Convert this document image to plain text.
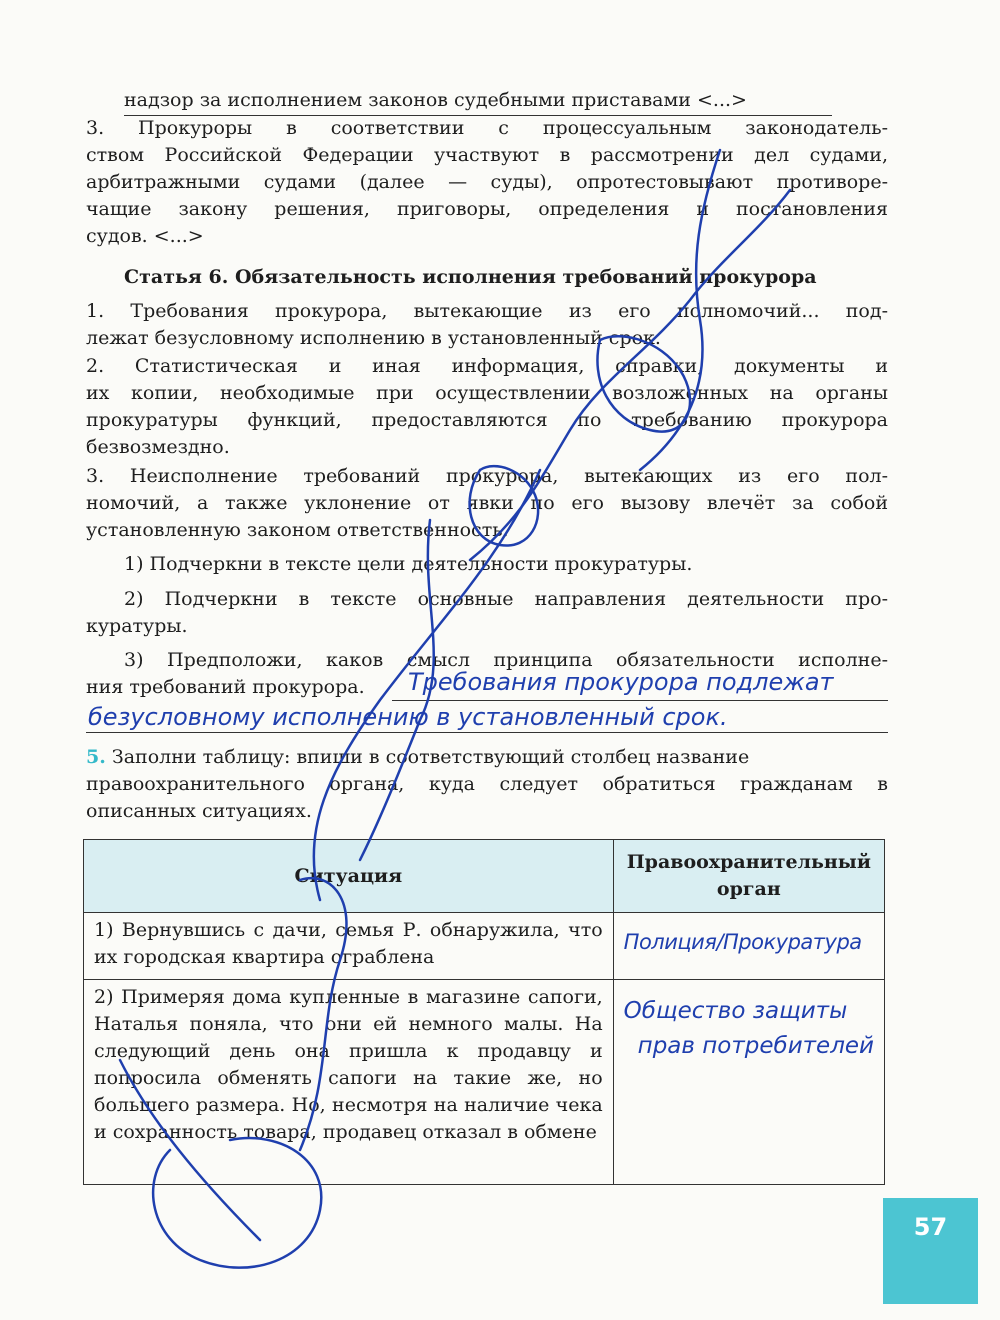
надзор за исполнением законов судебными приставами <...>
3. Прокуроры в соответствии с процессуальным законодатель-
ством Российской Федерации участвуют в рассмотрении дел судами,
арбитражными судами (далее — суды), опротестовывают противоре-
чащие закону решения, приговоры, определения и постановления
судов. <...>
Статья 6. Обязательность исполнения требований прокурора
1. Требования прокурора, вытекающие из его полномочий... под-
лежат безусловному исполнению в установленный срок.
2. Статистическая и иная информация, справки, документы и
их копии, необходимые при осуществлении возложенных на органы
прокуратуры функций, предоставляются по требованию прокурора
безвозмездно.
3. Неисполнение требований прокурора, вытекающих из его пол-
номочий, а также уклонение от явки по его вызову влечёт за собой
установленную законом ответственность.
1) Подчеркни в тексте цели деятельности прокуратуры.
2) Подчеркни в тексте основные направления деятельности про-
куратуры.
3) Предположи, каков смысл принципа обязательности исполне-
ния требований прокурора.	Требования прокурора подлежат
безусловному исполнению в установленный срок.
5. Заполни таблицу: впиши в соответствующий столбец название
правоохранительного органа, куда следует обратиться гражданам в
описанных ситуациях.
Ситуация	Правоохранительный
орган

1) Вернувшись с дачи, семья Р. обнаружила, что их городская квартира ограблена	Полиция/Прокуратура

2) Примеряя дома купленные в магазине сапоги, Наталья поняла, что они ей немного малы. На следующий день она пришла к продавцу и попросила обменять сапоги на такие же, но большего размера. Но, несмотря на наличие чека и сохранность товара, продавец отказал в обмене	Общество защиты
прав потребителей
57
